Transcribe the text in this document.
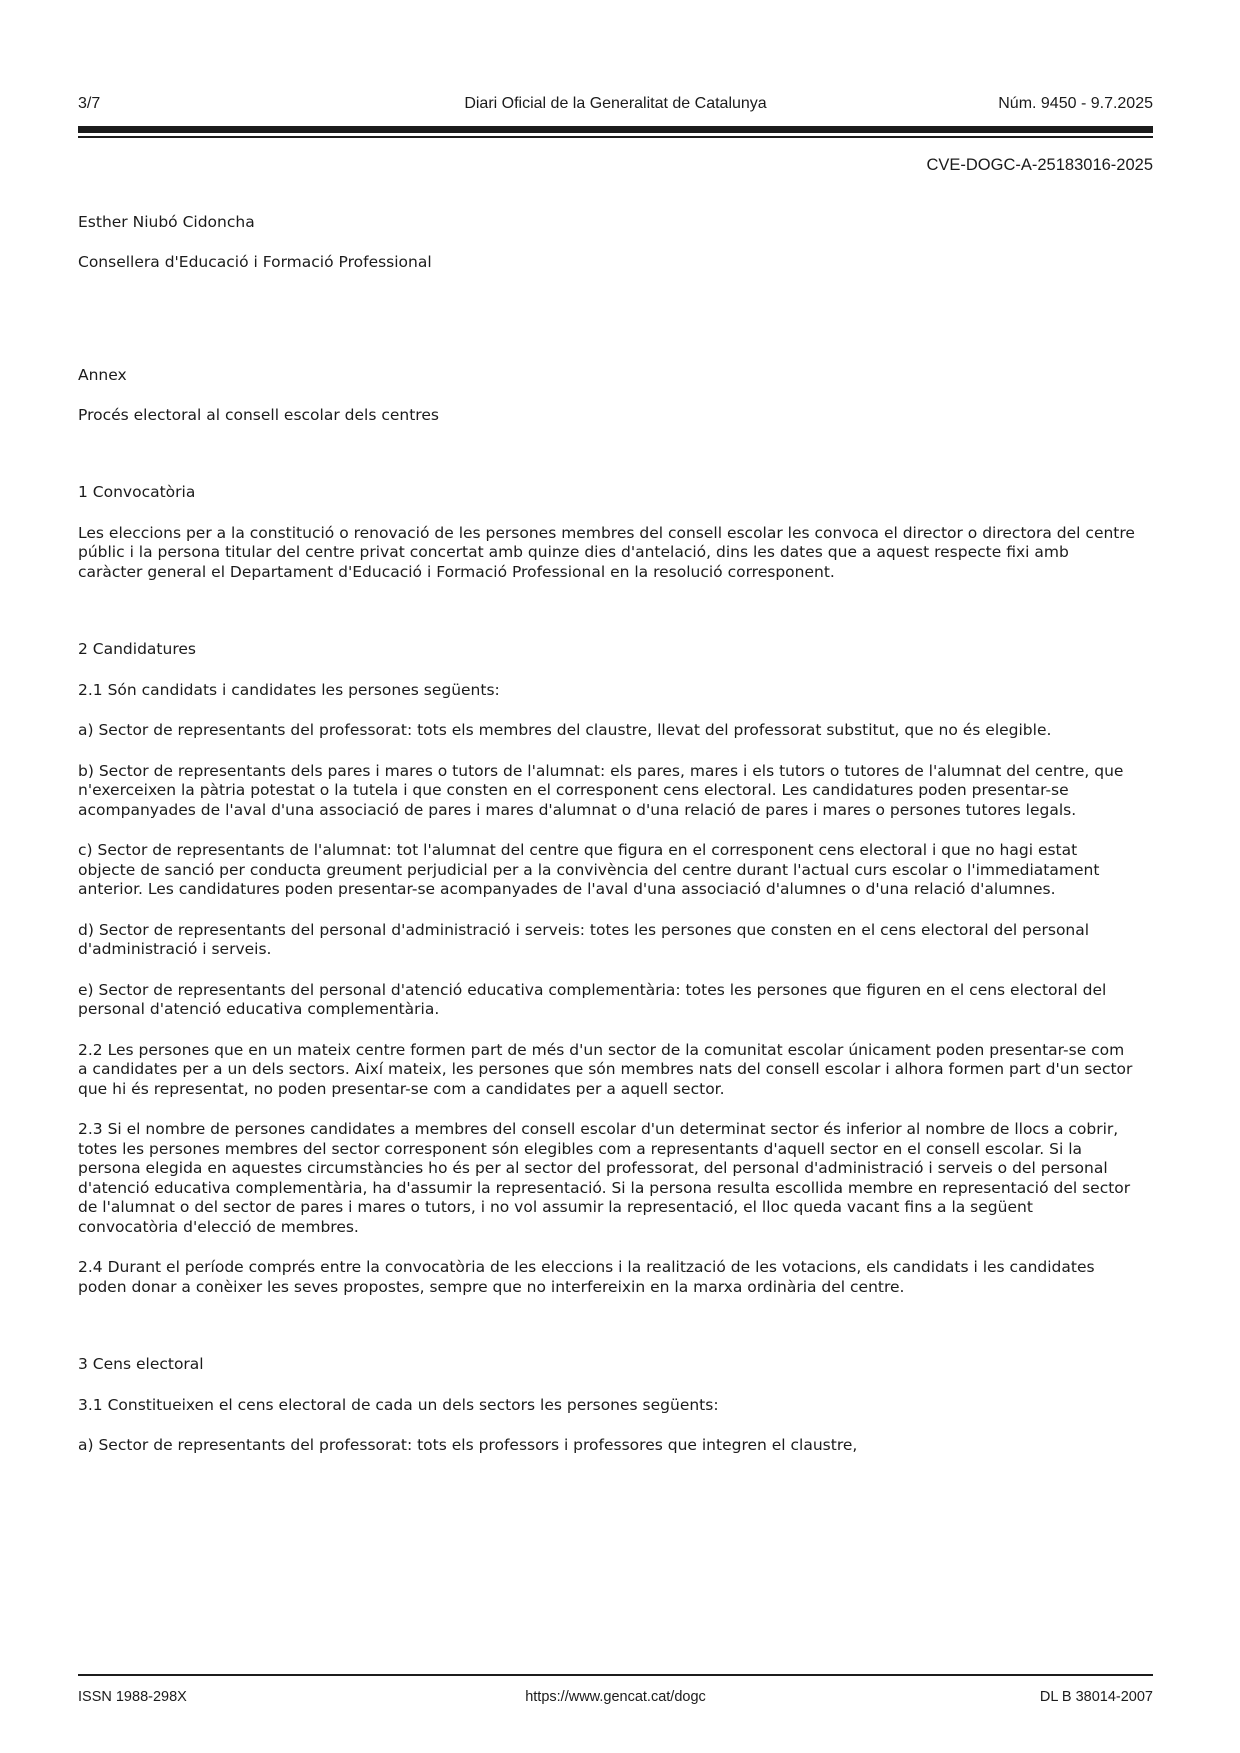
3/7	Diari Oficial de la Generalitat de Catalunya	Núm. 9450 - 9.7.2025
CVE-DOGC-A-25183016-2025

Esther Niubó Cidoncha

Consellera d'Educació i Formació Professional

Annex

Procés electoral al consell escolar dels centres

1 Convocatòria

Les eleccions per a la constitució o renovació de les persones membres del consell escolar les convoca el director o directora del centre públic i la persona titular del centre privat concertat amb quinze dies d'antelació, dins les dates que a aquest respecte fixi amb caràcter general el Departament d'Educació i Formació Professional en la resolució corresponent.

2 Candidatures

2.1 Són candidats i candidates les persones següents:

a) Sector de representants del professorat: tots els membres del claustre, llevat del professorat substitut, que no és elegible.

b) Sector de representants dels pares i mares o tutors de l'alumnat: els pares, mares i els tutors o tutores de l'alumnat del centre, que n'exerceixen la pàtria potestat o la tutela i que consten en el corresponent cens electoral. Les candidatures poden presentar-se acompanyades de l'aval d'una associació de pares i mares d'alumnat o d'una relació de pares i mares o persones tutores legals.

c) Sector de representants de l'alumnat: tot l'alumnat del centre que figura en el corresponent cens electoral i que no hagi estat objecte de sanció per conducta greument perjudicial per a la convivència del centre durant l'actual curs escolar o l'immediatament anterior. Les candidatures poden presentar-se acompanyades de l'aval d'una associació d'alumnes o d'una relació d'alumnes.

d) Sector de representants del personal d'administració i serveis: totes les persones que consten en el cens electoral del personal d'administració i serveis.

e) Sector de representants del personal d'atenció educativa complementària: totes les persones que figuren en el cens electoral del personal d'atenció educativa complementària.

2.2 Les persones que en un mateix centre formen part de més d'un sector de la comunitat escolar únicament poden presentar-se com a candidates per a un dels sectors. Així mateix, les persones que són membres nats del consell escolar i alhora formen part d'un sector que hi és representat, no poden presentar-se com a candidates per a aquell sector.

2.3 Si el nombre de persones candidates a membres del consell escolar d'un determinat sector és inferior al nombre de llocs a cobrir, totes les persones membres del sector corresponent són elegibles com a representants d'aquell sector en el consell escolar. Si la persona elegida en aquestes circumstàncies ho és per al sector del professorat, del personal d'administració i serveis o del personal d'atenció educativa complementària, ha d'assumir la representació. Si la persona resulta escollida membre en representació del sector de l'alumnat o del sector de pares i mares o tutors, i no vol assumir la representació, el lloc queda vacant fins a la següent convocatòria d'elecció de membres.

2.4 Durant el període comprés entre la convocatòria de les eleccions i la realització de les votacions, els candidats i les candidates poden donar a conèixer les seves propostes, sempre que no interfereixin en la marxa ordinària del centre.

3 Cens electoral

3.1 Constitueixen el cens electoral de cada un dels sectors les persones següents:

a) Sector de representants del professorat: tots els professors i professores que integren el claustre,

ISSN 1988-298X	https://www.gencat.cat/dogc	DL B 38014-2007
